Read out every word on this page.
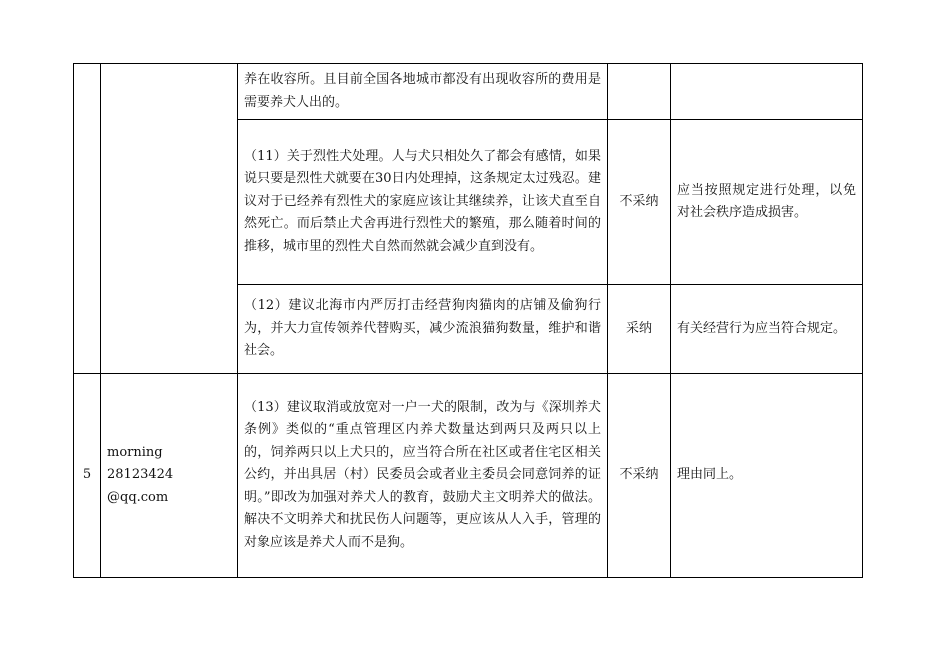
		养在收容所。且目前全国各地城市都没有出现收容所的费用是需要养犬人出的。		
		（11）关于烈性犬处理。人与犬只相处久了都会有感情，如果说只要是烈性犬就要在30日内处理掉，这条规定太过残忍。建议对于已经养有烈性犬的家庭应该让其继续养，让该犬直至自然死亡。而后禁止犬舍再进行烈性犬的繁殖，那么随着时间的推移，城市里的烈性犬自然而然就会减少直到没有。	不采纳	应当按照规定进行处理，以免对社会秩序造成损害。
		（12）建议北海市内严厉打击经营狗肉猫肉的店铺及偷狗行为，并大力宣传领养代替购买，减少流浪猫狗数量，维护和谐社会。	采纳	有关经营行为应当符合规定。
5	morning
28123424
@qq.com	（13）建议取消或放宽对一户一犬的限制，改为与《深圳养犬条例》类似的“重点管理区内养犬数量达到两只及两只以上的，饲养两只以上犬只的，应当符合所在社区或者住宅区相关公约，并出具居（村）民委员会或者业主委员会同意饲养的证明。”即改为加强对养犬人的教育，鼓励犬主文明养犬的做法。解决不文明养犬和扰民伤人问题等，更应该从人入手，管理的对象应该是养犬人而不是狗。	不采纳	理由同上。
